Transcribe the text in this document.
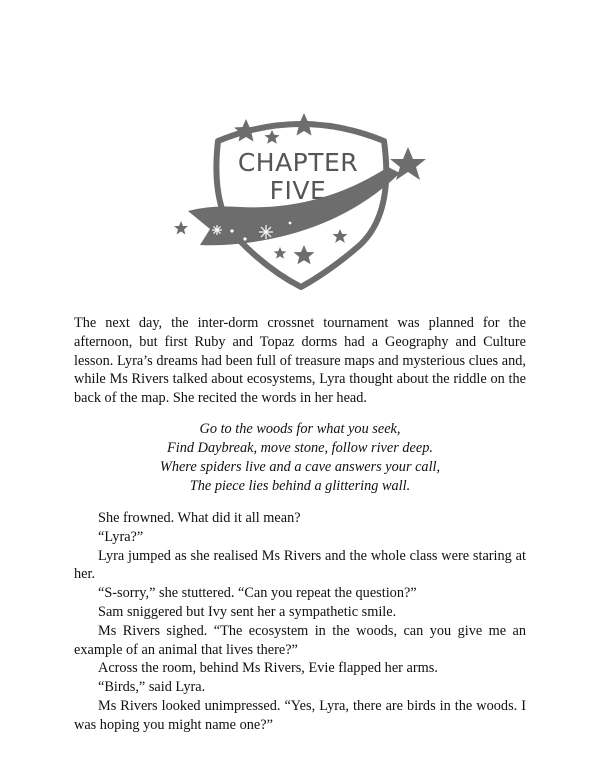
CHAPTER
FIVE

The next day, the inter-dorm crossnet tournament was planned for the afternoon, but first Ruby and Topaz dorms had a Geography and Culture lesson. Lyra’s dreams had been full of treasure maps and mysterious clues and, while Ms Rivers talked about ecosystems, Lyra thought about the riddle on the back of the map. She recited the words in her head.

Go to the woods for what you seek,
Find Daybreak, move stone, follow river deep.
Where spiders live and a cave answers your call,
The piece lies behind a glittering wall.

She frowned. What did it all mean?

“Lyra?”

Lyra jumped as she realised Ms Rivers and the whole class were staring at her.

“S-sorry,” she stuttered. “Can you repeat the question?”

Sam sniggered but Ivy sent her a sympathetic smile.

Ms Rivers sighed. “The ecosystem in the woods, can you give me an example of an animal that lives there?”

Across the room, behind Ms Rivers, Evie flapped her arms.

“Birds,” said Lyra.

Ms Rivers looked unimpressed. “Yes, Lyra, there are birds in the woods. I was hoping you might name one?”
